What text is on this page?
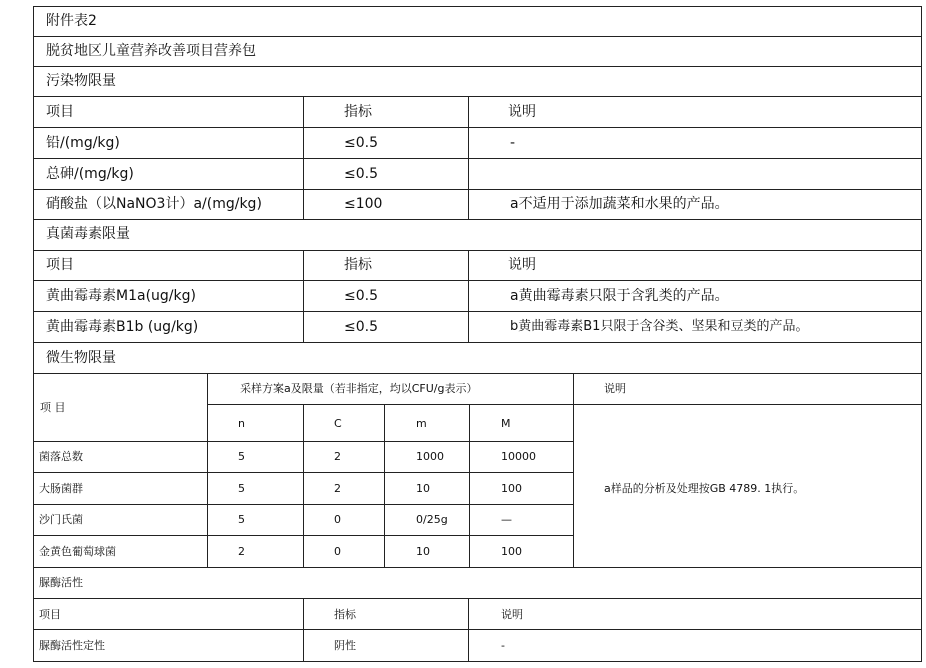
附件表2
脱贫地区儿童营养改善项目营养包
污染物限量
项目	指标	说明
铅/(mg/kg)	≤0.5	-
总砷/(mg/kg)	≤0.5
硝酸盐（以NaNO3计）a/(mg/kg)	≤100	a不适用于添加蔬菜和水果的产品。
真菌毒素限量
项目	指标	说明
黄曲霉毒素M1a(ug/kg)	≤0.5	a黄曲霉毒素只限于含乳类的产品。
黄曲霉毒素B1b (ug/kg)	≤0.5	b黄曲霉毒素B1只限于含谷类、坚果和豆类的产品。
微生物限量
项 目
采样方案a及限量（若非指定，均以CFU/g表示）	说明
n	C	m	M
菌落总数	5	2	1000	10000
大肠菌群	5	2	10	100
沙门氏菌	5	0	0/25g	—
金黄色葡萄球菌	2	0	10	100
a样品的分析及处理按GB 4789. 1执行。
脲酶活性
项目	指标	说明
脲酶活性定性	阴性	-
